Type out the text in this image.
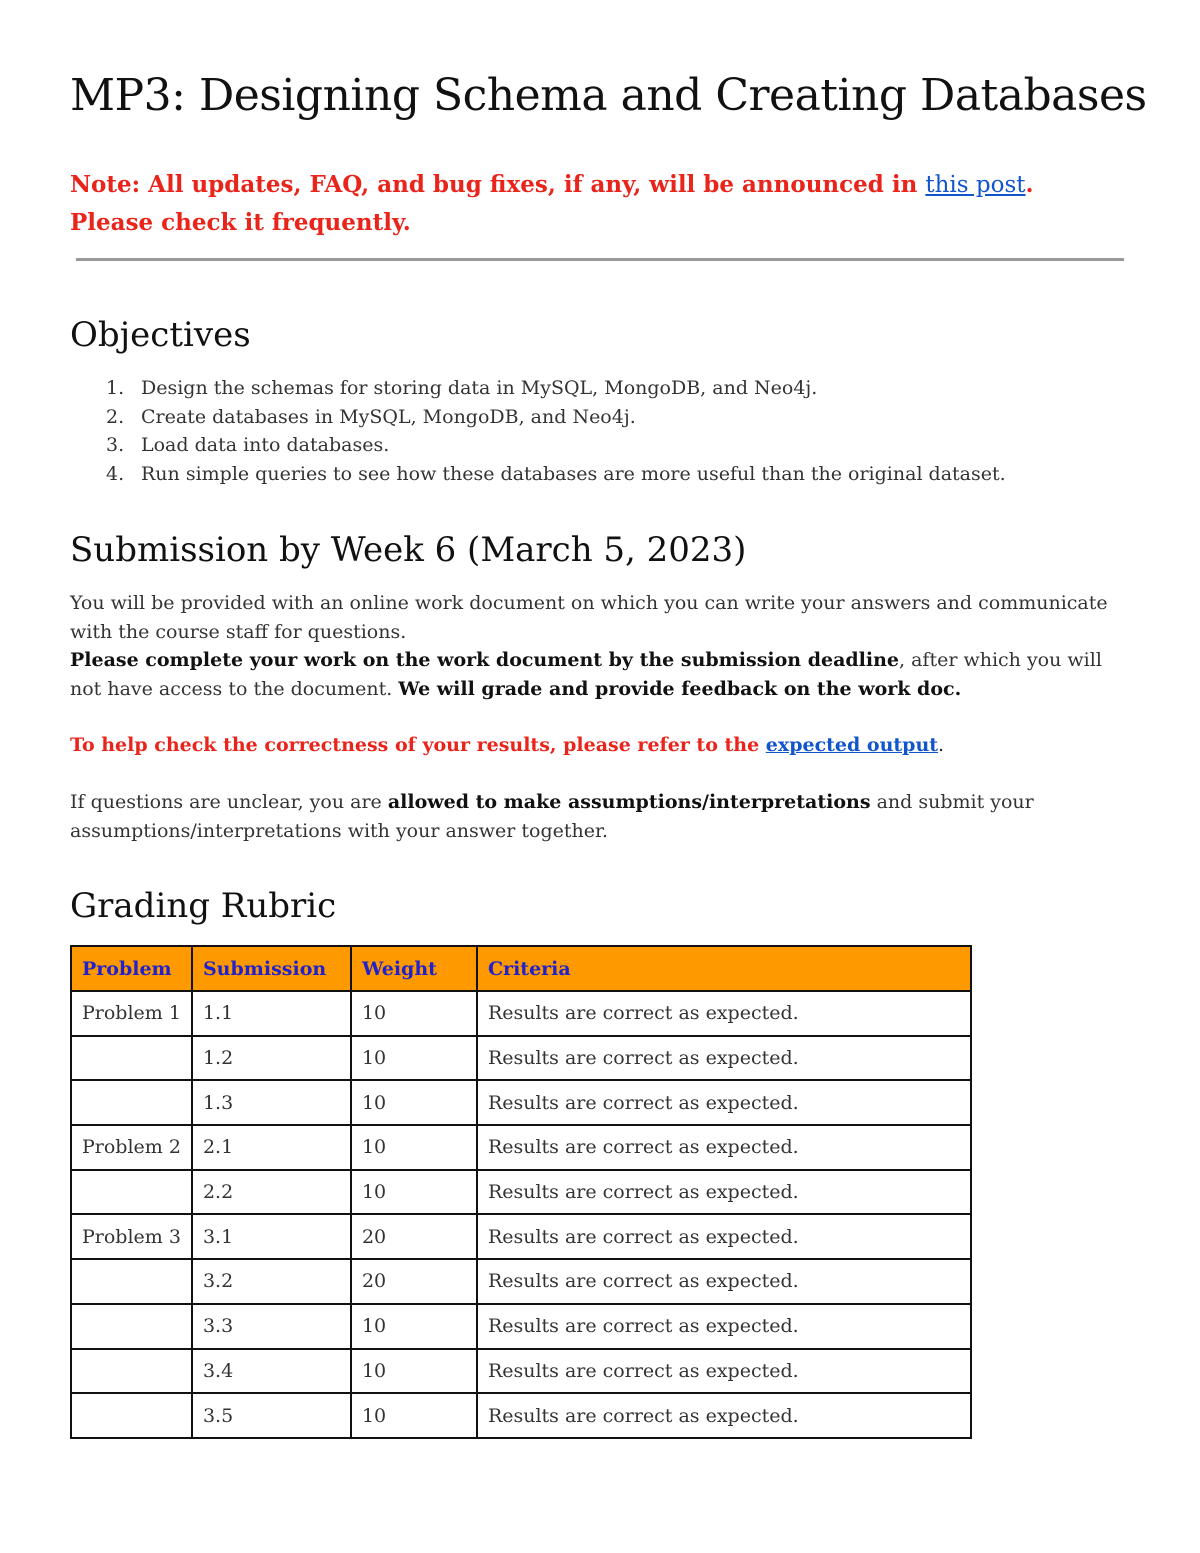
MP3: Designing Schema and Creating Databases

Note: All updates, FAQ, and bug fixes, if any, will be announced in this post. Please check it frequently.

Objectives
1. Design the schemas for storing data in MySQL, MongoDB, and Neo4j.
2. Create databases in MySQL, MongoDB, and Neo4j.
3. Load data into databases.
4. Run simple queries to see how these databases are more useful than the original dataset.
Submission by Week 6 (March 5, 2023)
You will be provided with an online work document on which you can write your answers and communicate with the course staff for questions.
Please complete your work on the work document by the submission deadline, after which you will not have access to the document. We will grade and provide feedback on the work doc.

To help check the correctness of your results, please refer to the expected output.

If questions are unclear, you are allowed to make assumptions/interpretations and submit your assumptions/interpretations with your answer together.

Grading Rubric
Problem	Submission	Weight	Criteria
Problem 1	1.1	10	Results are correct as expected.
	1.2	10	Results are correct as expected.
	1.3	10	Results are correct as expected.
Problem 2	2.1	10	Results are correct as expected.
	2.2	10	Results are correct as expected.
Problem 3	3.1	20	Results are correct as expected.
	3.2	20	Results are correct as expected.
	3.3	10	Results are correct as expected.
	3.4	10	Results are correct as expected.
	3.5	10	Results are correct as expected.
